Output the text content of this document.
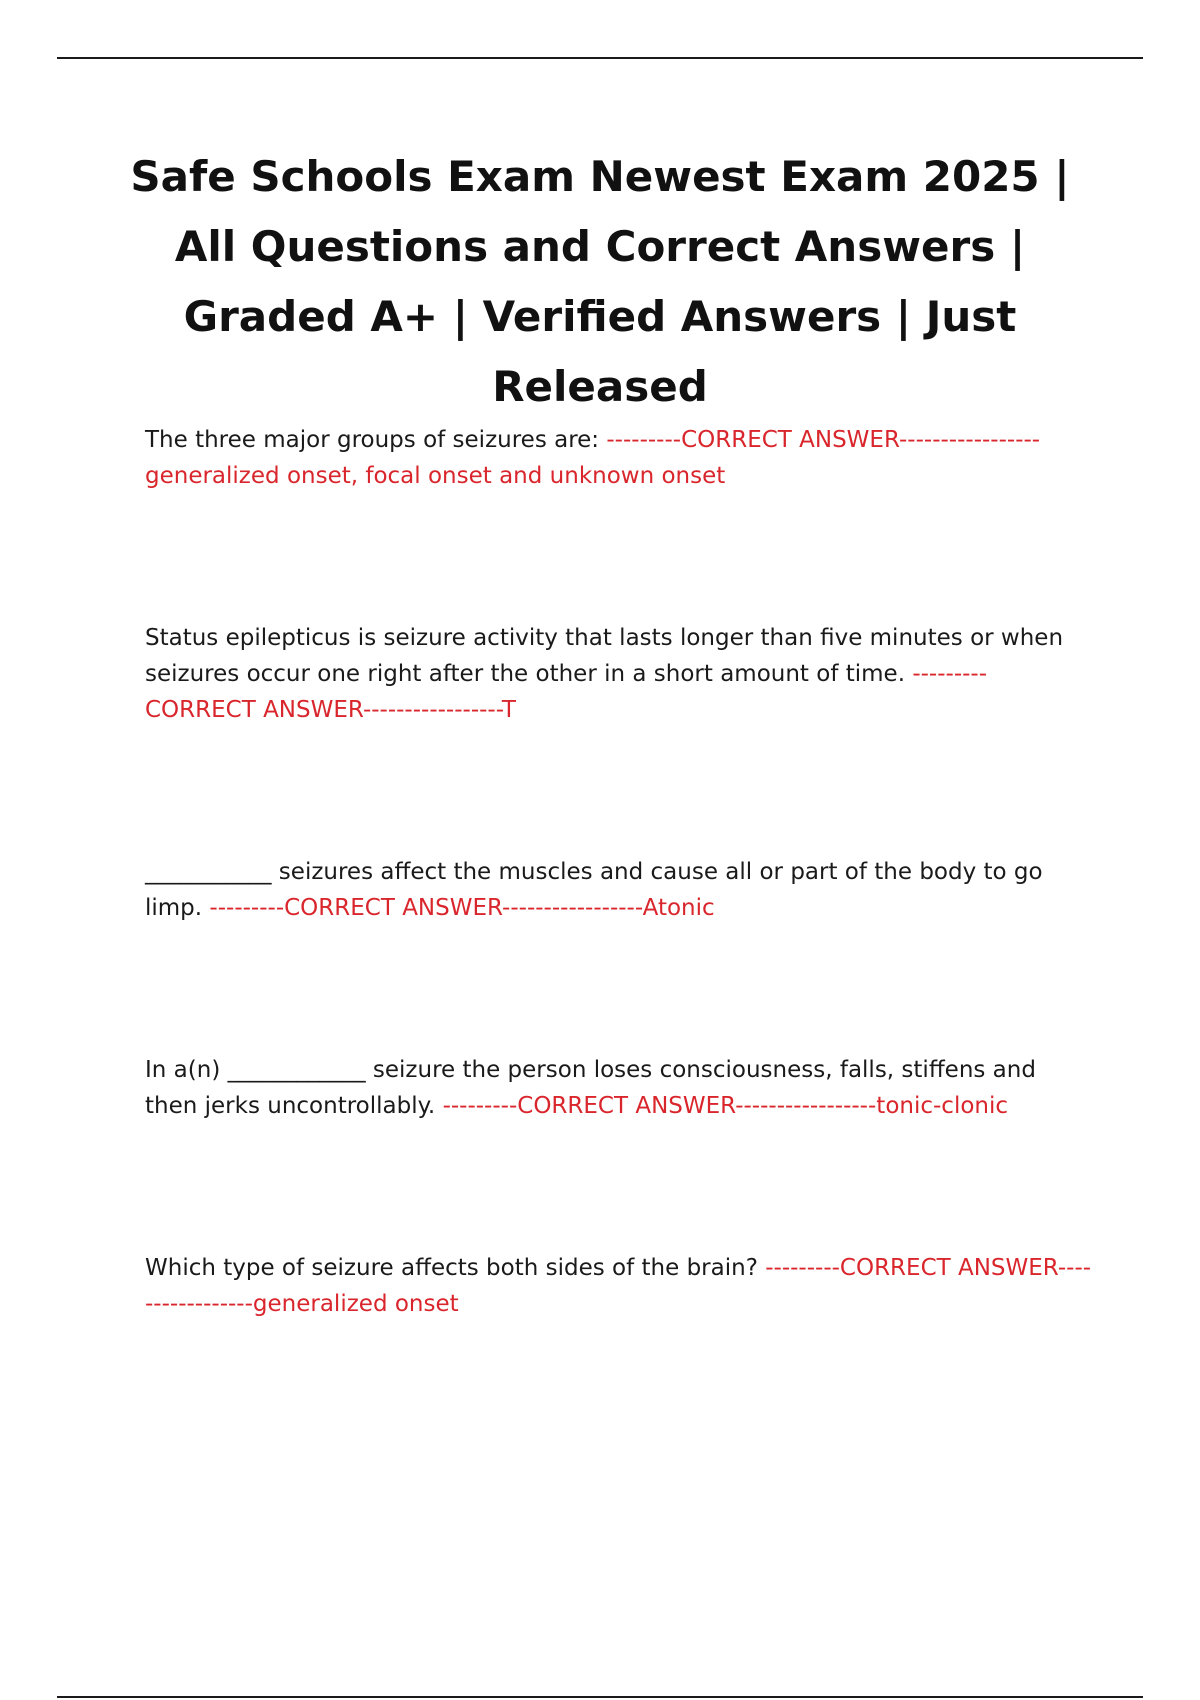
Safe Schools Exam Newest Exam 2025 | All Questions and Correct Answers | Graded A+ | Verified Answers | Just Released

The three major groups of seizures are: ---------CORRECT ANSWER-----------------generalized onset, focal onset and unknown onset

Status epilepticus is seizure activity that lasts longer than five minutes or when seizures occur one right after the other in a short amount of time. ---------CORRECT ANSWER-----------------T

___________ seizures affect the muscles and cause all or part of the body to go limp. ---------CORRECT ANSWER-----------------Atonic

In a(n) ____________ seizure the person loses consciousness, falls, stiffens and then jerks uncontrollably. ---------CORRECT ANSWER-----------------tonic-clonic

Which type of seizure affects both sides of the brain? ---------CORRECT ANSWER-----------------generalized onset
